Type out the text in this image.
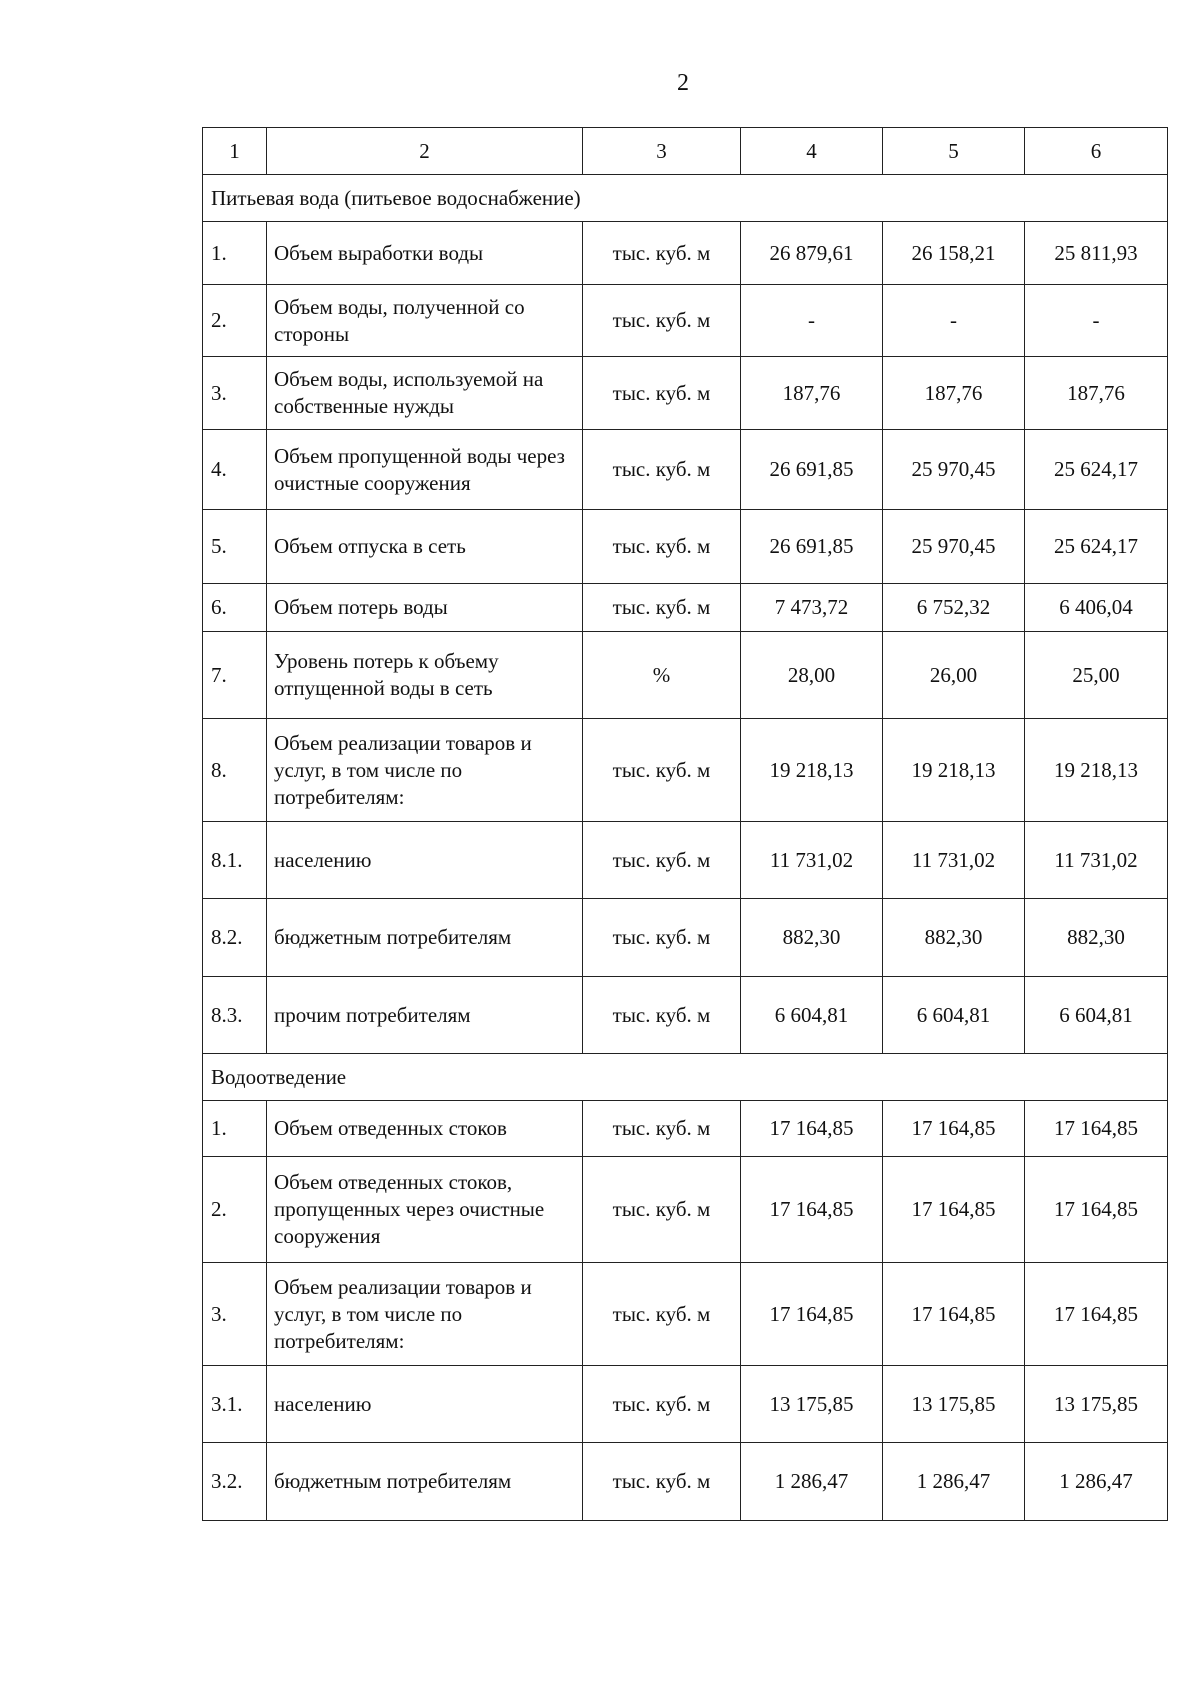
2
1	2	3	4	5	6
Питьевая вода (питьевое водоснабжение)					
1.	Объем выработки воды	тыс. куб. м	26 879,61	26 158,21	25 811,93
2.	Объем воды, полученной со стороны	тыс. куб. м	-	-	-
3.	Объем воды, используемой на собственные нужды	тыс. куб. м	187,76	187,76	187,76
4.	Объем пропущенной воды через очистные сооружения	тыс. куб. м	26 691,85	25 970,45	25 624,17
5.	Объем отпуска в сеть	тыс. куб. м	26 691,85	25 970,45	25 624,17
6.	Объем потерь воды	тыс. куб. м	7 473,72	6 752,32	6 406,04
7.	Уровень потерь к объему отпущенной воды в сеть	%	28,00	26,00	25,00
8.	Объем реализации товаров и услуг, в том числе по потребителям:	тыс. куб. м	19 218,13	19 218,13	19 218,13
8.1.	населению	тыс. куб. м	11 731,02	11 731,02	11 731,02
8.2.	бюджетным потребителям	тыс. куб. м	882,30	882,30	882,30
8.3.	прочим потребителям	тыс. куб. м	6 604,81	6 604,81	6 604,81
Водоотведение					
1.	Объем отведенных стоков	тыс. куб. м	17 164,85	17 164,85	17 164,85
2.	Объем отведенных стоков, пропущенных через очистные сооружения	тыс. куб. м	17 164,85	17 164,85	17 164,85
3.	Объем реализации товаров и услуг, в том числе по потребителям:	тыс. куб. м	17 164,85	17 164,85	17 164,85
3.1.	населению	тыс. куб. м	13 175,85	13 175,85	13 175,85
3.2.	бюджетным потребителям	тыс. куб. м	1 286,47	1 286,47	1 286,47
